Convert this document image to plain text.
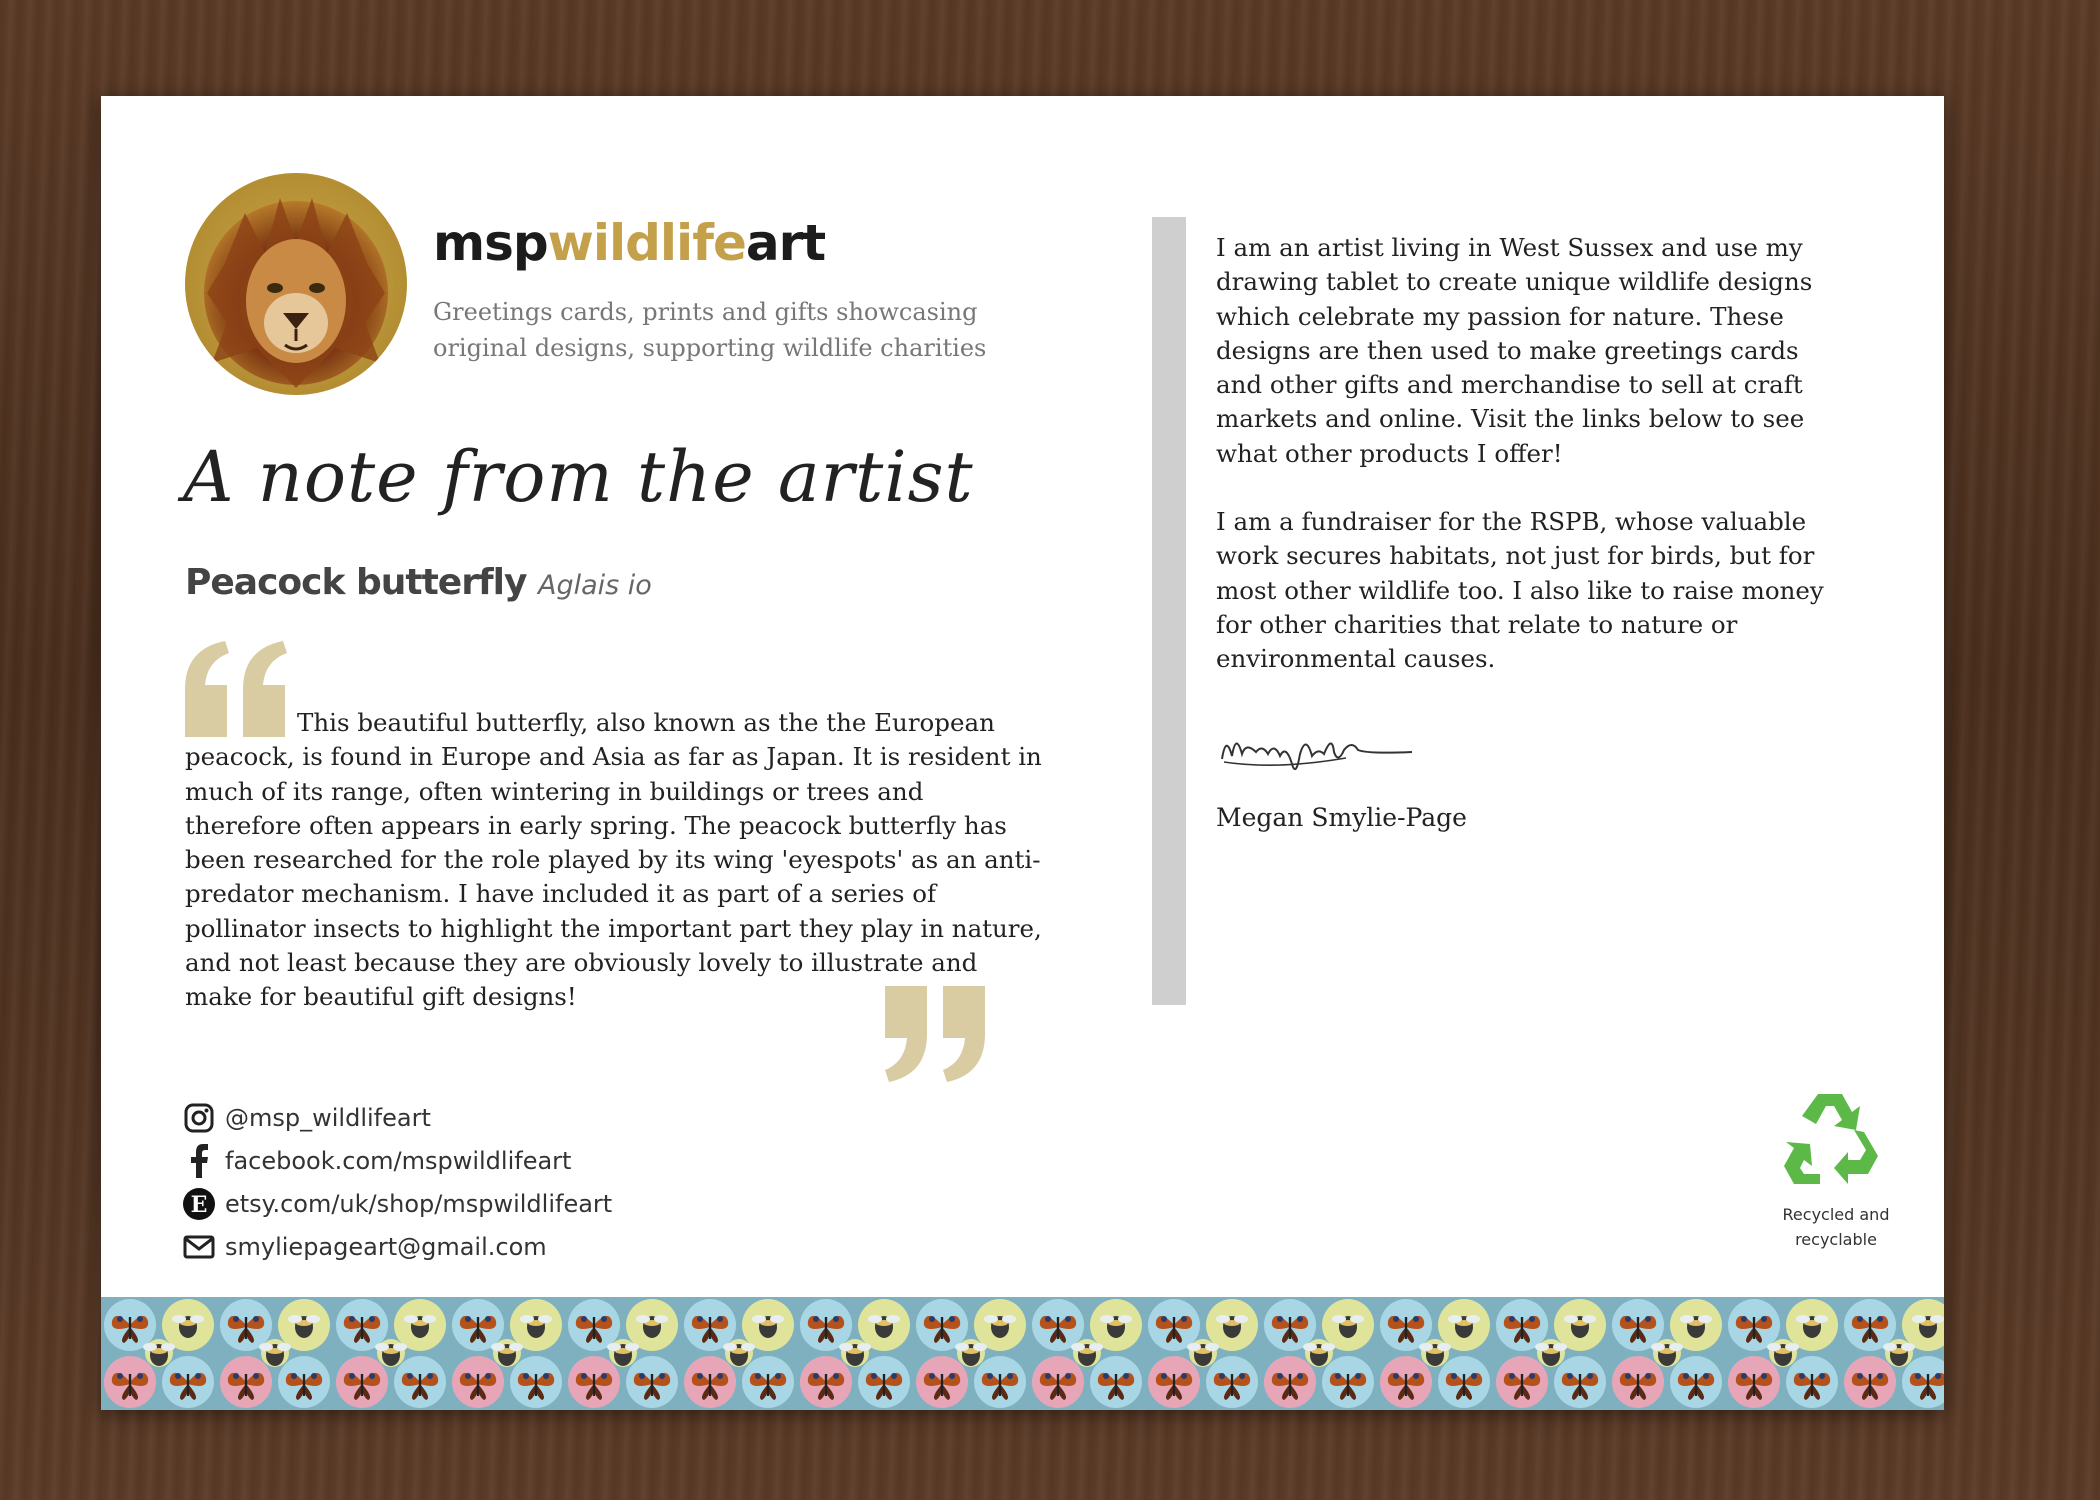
mspwildlifeart
Greetings cards, prints and gifts showcasing original designs, supporting wildlife charities
A note from the artist
Peacock butterfly Aglais io
This beautiful butterfly, also known as the the European peacock, is found in Europe and Asia as far as Japan. It is resident in much of its range, often wintering in buildings or trees and therefore often appears in early spring. The peacock butterfly has been researched for the role played by its wing 'eyespots' as an anti-predator mechanism. I have included it as part of a series of pollinator insects to highlight the important part they play in nature, and not least because they are obviously lovely to illustrate and make for beautiful gift designs!

I am an artist living in West Sussex and use my drawing tablet to create unique wildlife designs which celebrate my passion for nature. These designs are then used to make greetings cards and other gifts and merchandise to sell at craft markets and online. Visit the links below to see what other products I offer!

I am a fundraiser for the RSPB, whose valuable work secures habitats, not just for birds, but for most other wildlife too. I also like to raise money for other charities that relate to nature or environmental causes.

Megan Smylie-Page
@msp_wildlifeart
facebook.com/mspwildlifeart
E etsy.com/uk/shop/mspwildlifeart
smyliepageart@gmail.com
Recycled and recyclable
